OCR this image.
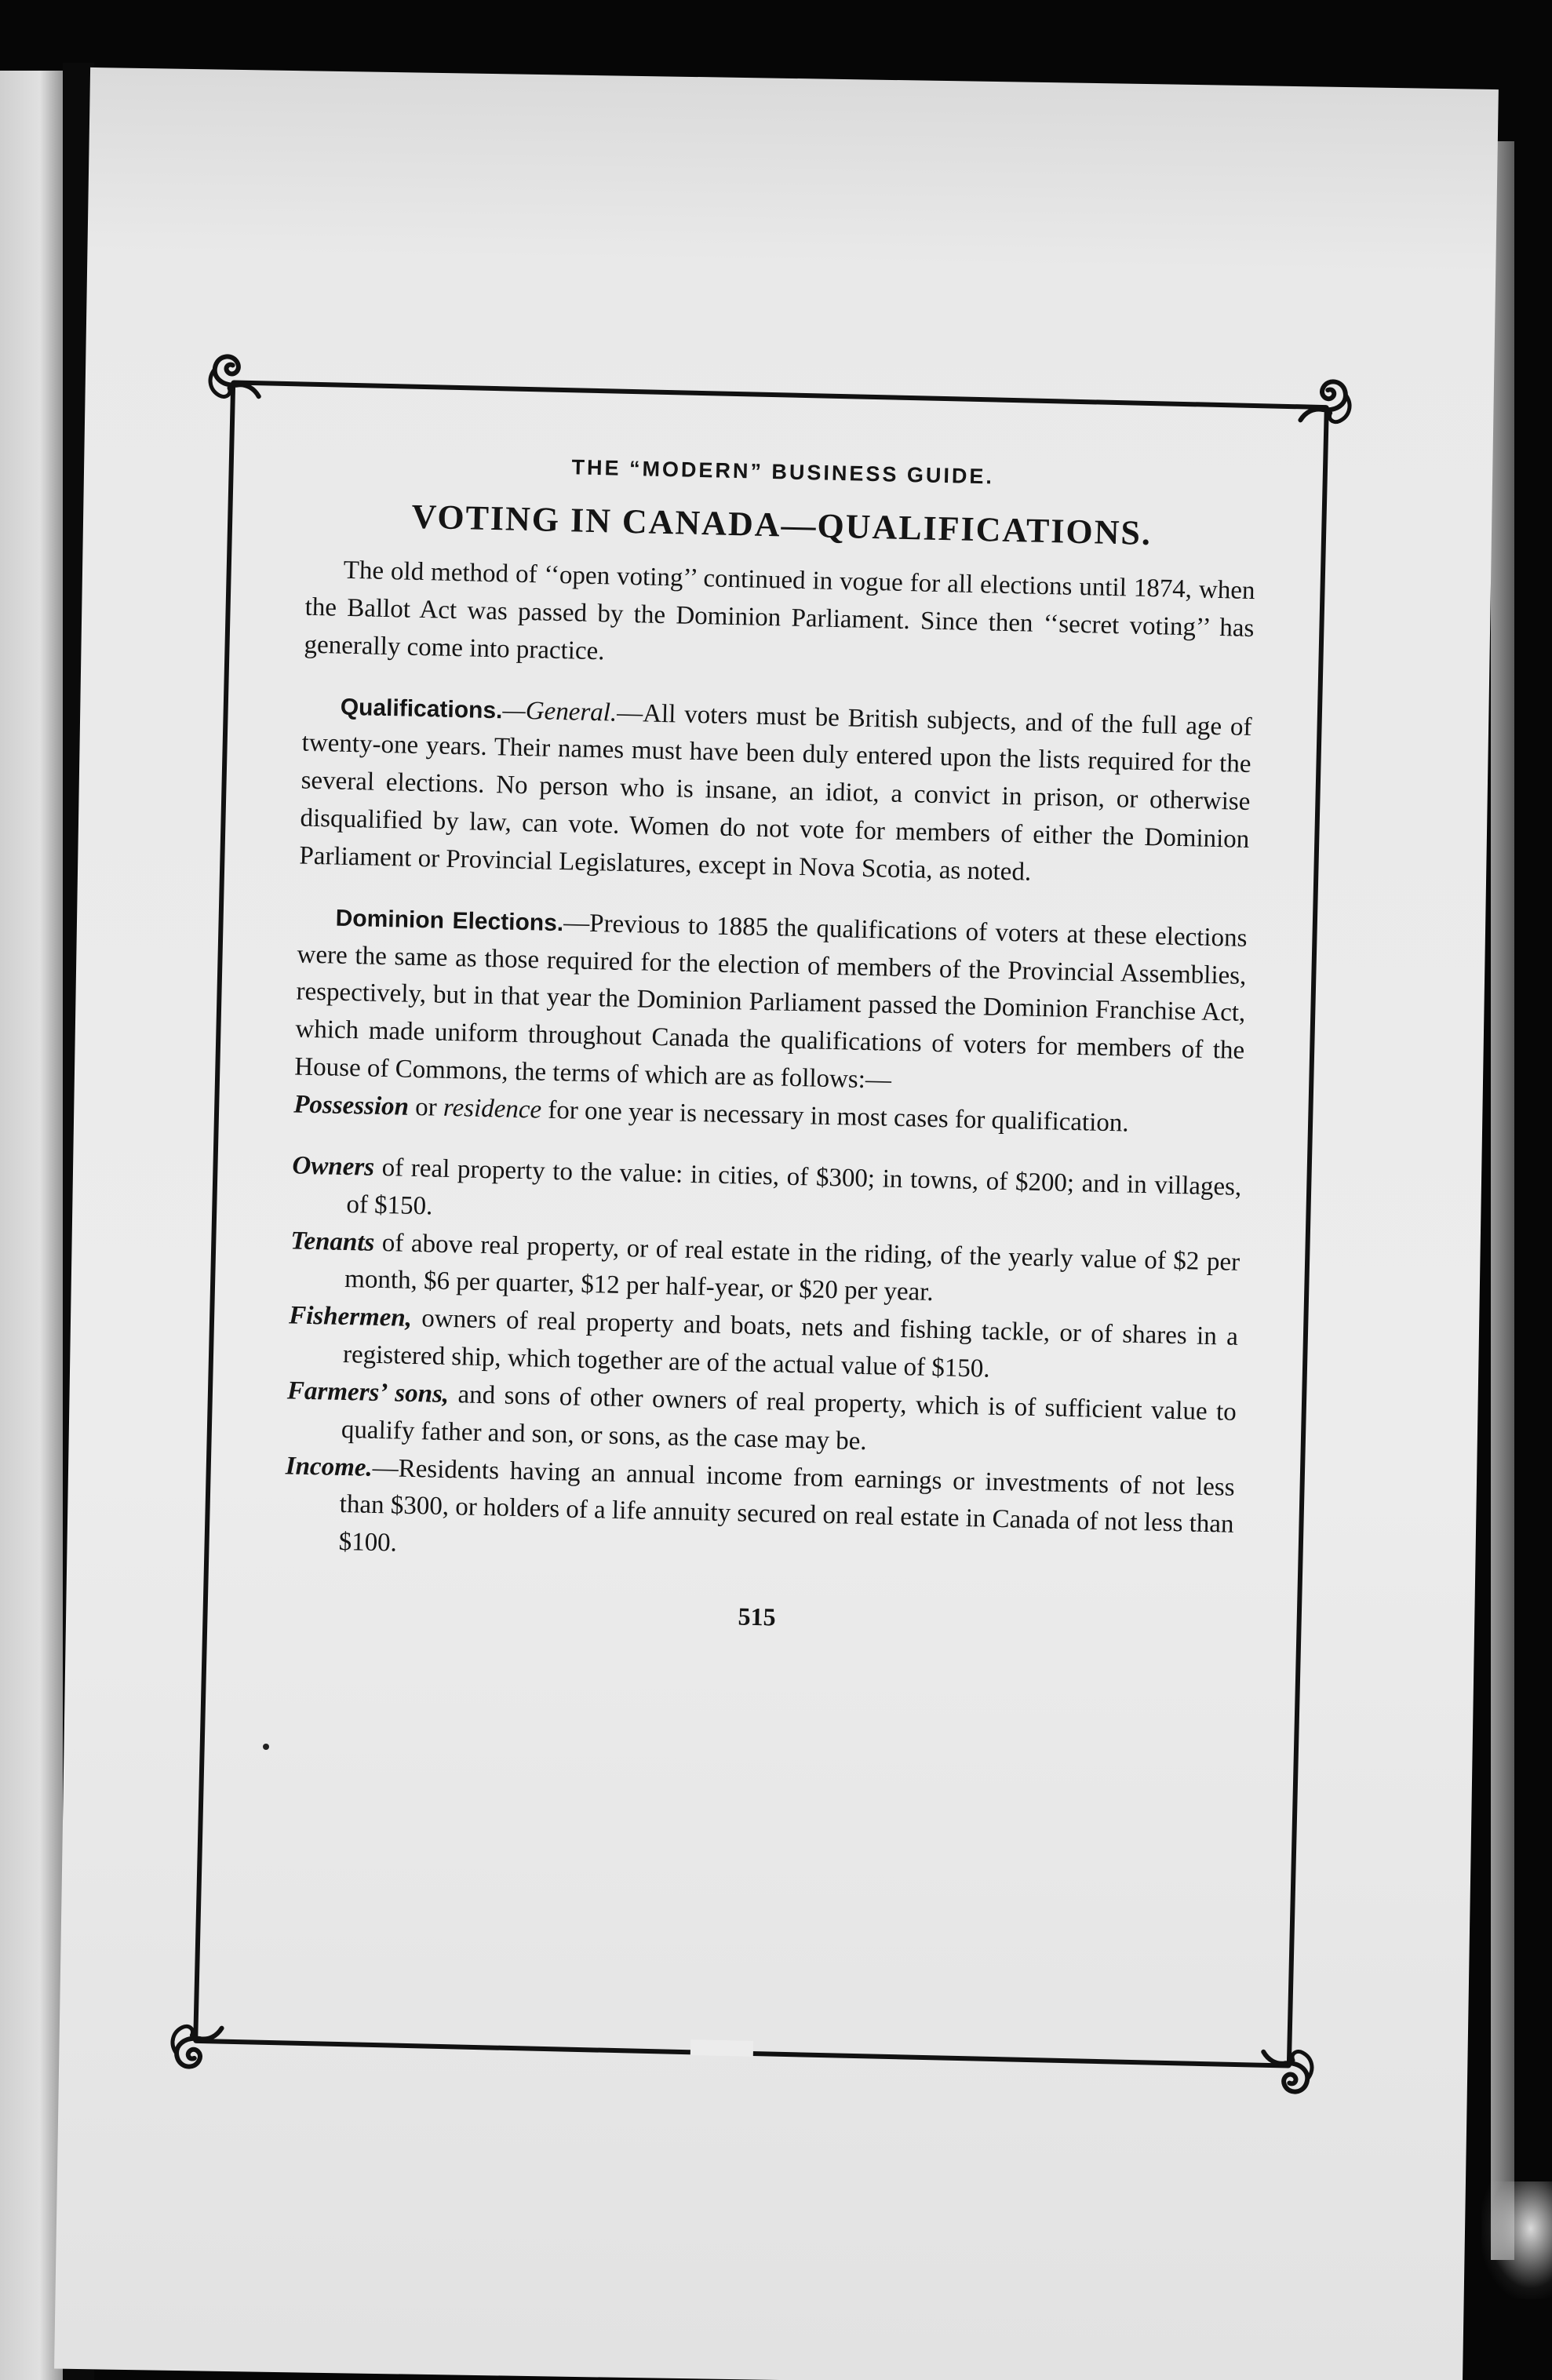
THE “MODERN” BUSINESS GUIDE.
VOTING IN CANADA—QUALIFICATIONS.

The old method of ‘‘open voting’’ continued in vogue for all elections until 1874, when the Ballot Act was passed by the Dominion Parliament. Since then ‘‘secret voting’’ has generally come into practice.

Qualifications.—General.—All voters must be British subjects, and of the full age of twenty-one years. Their names must have been duly entered upon the lists required for the several elections. No person who is insane, an idiot, a convict in prison, or otherwise disqualified by law, can vote. Women do not vote for members of either the Dominion Parliament or Provincial Legislatures, except in Nova Scotia, as noted.

Dominion Elections.—Previous to 1885 the qualifications of voters at these elections were the same as those required for the election of members of the Provincial Assemblies, respectively, but in that year the Dominion Parliament passed the Dominion Franchise Act, which made uniform throughout Canada the qualifications of voters for members of the House of Commons, the terms of which are as follows:—

Possession or residence for one year is necessary in most cases for qualification.

Owners of real property to the value: in cities, of $300; in towns, of $200; and in villages, of $150.

Tenants of above real property, or of real estate in the riding, of the yearly value of $2 per month, $6 per quarter, $12 per half-year, or $20 per year.

Fishermen, owners of real property and boats, nets and fishing tackle, or of shares in a registered ship, which together are of the actual value of $150.

Farmers’ sons, and sons of other owners of real property, which is of sufficient value to qualify father and son, or sons, as the case may be.

Income.—Residents having an annual income from earnings or investments of not less than $300, or holders of a life annuity secured on real estate in Canada of not less than $100.

515
